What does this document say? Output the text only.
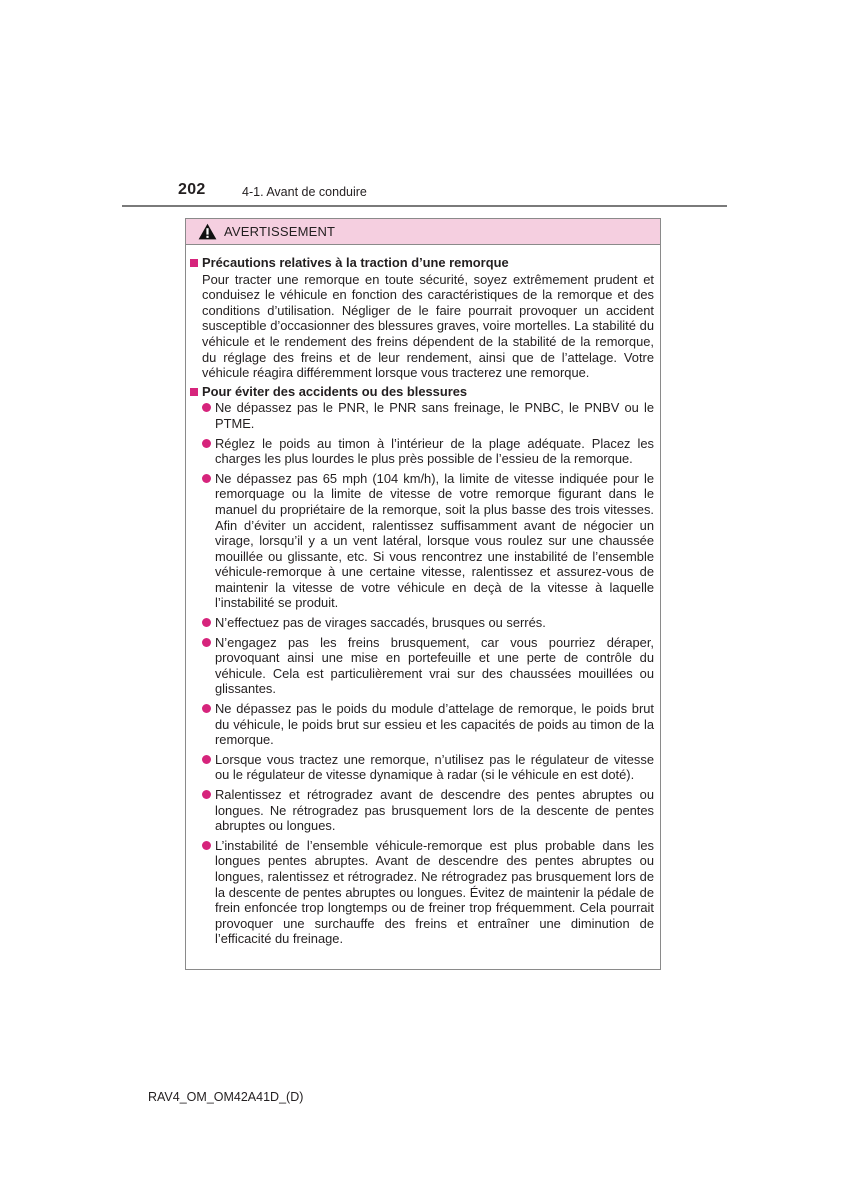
202	4-1. Avant de conduire
AVERTISSEMENT
Précautions relatives à la traction d’une remorque
Pour tracter une remorque en toute sécurité, soyez extrêmement prudent et conduisez le véhicule en fonction des caractéristiques de la remorque et des conditions d’utilisation. Négliger de le faire pourrait provoquer un accident susceptible d’occasionner des blessures graves, voire mortelles. La stabilité du véhicule et le rendement des freins dépendent de la stabilité de la remorque, du réglage des freins et de leur rendement, ainsi que de l’attelage. Votre véhicule réagira différemment lorsque vous tracterez une remorque.
Pour éviter des accidents ou des blessures
Ne dépassez pas le PNR, le PNR sans freinage, le PNBC, le PNBV ou le PTME.
Réglez le poids au timon à l’intérieur de la plage adéquate. Placez les charges les plus lourdes le plus près possible de l’essieu de la remorque.
Ne dépassez pas 65 mph (104 km/h), la limite de vitesse indiquée pour le remorquage ou la limite de vitesse de votre remorque figurant dans le manuel du propriétaire de la remorque, soit la plus basse des trois vitesses. Afin d’éviter un accident, ralentissez suffisamment avant de négocier un virage, lorsqu’il y a un vent latéral, lorsque vous roulez sur une chaussée mouillée ou glissante, etc. Si vous rencontrez une instabilité de l’ensemble véhicule-remorque à une certaine vitesse, ralentissez et assurez-vous de maintenir la vitesse de votre véhicule en deçà de la vitesse à laquelle l’instabilité se produit.
N’effectuez pas de virages saccadés, brusques ou serrés.
N’engagez pas les freins brusquement, car vous pourriez déraper, provoquant ainsi une mise en portefeuille et une perte de contrôle du véhicule. Cela est particulièrement vrai sur des chaussées mouillées ou glissantes.
Ne dépassez pas le poids du module d’attelage de remorque, le poids brut du véhicule, le poids brut sur essieu et les capacités de poids au timon de la remorque.
Lorsque vous tractez une remorque, n’utilisez pas le régulateur de vitesse ou le régulateur de vitesse dynamique à radar (si le véhicule en est doté).
Ralentissez et rétrogradez avant de descendre des pentes abruptes ou longues. Ne rétrogradez pas brusquement lors de la descente de pentes abruptes ou longues.
L’instabilité de l’ensemble véhicule-remorque est plus probable dans les longues pentes abruptes. Avant de descendre des pentes abruptes ou longues, ralentissez et rétrogradez. Ne rétrogradez pas brusquement lors de la descente de pentes abruptes ou longues. Évitez de maintenir la pédale de frein enfoncée trop longtemps ou de freiner trop fréquemment. Cela pourrait provoquer une surchauffe des freins et entraîner une diminution de l’efficacité du freinage.
RAV4_OM_OM42A41D_(D)
